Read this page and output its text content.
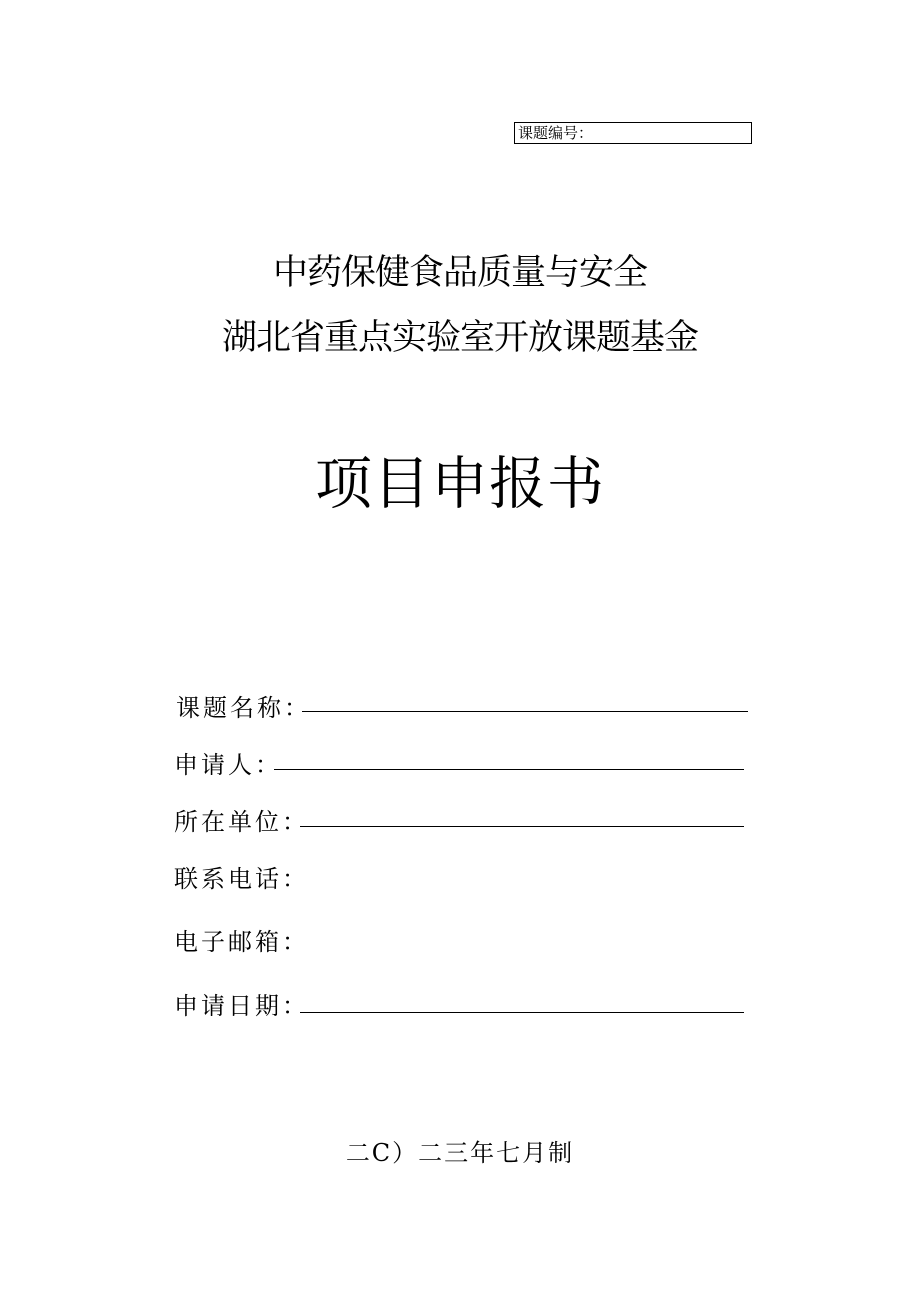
课题编号：
中药保健食品质量与安全
湖北省重点实验室开放课题基金
项目申报书
课题名称：
申请人：
所在单位：
联系电话：
电子邮箱：
申请日期：
二C）二三年七月制
